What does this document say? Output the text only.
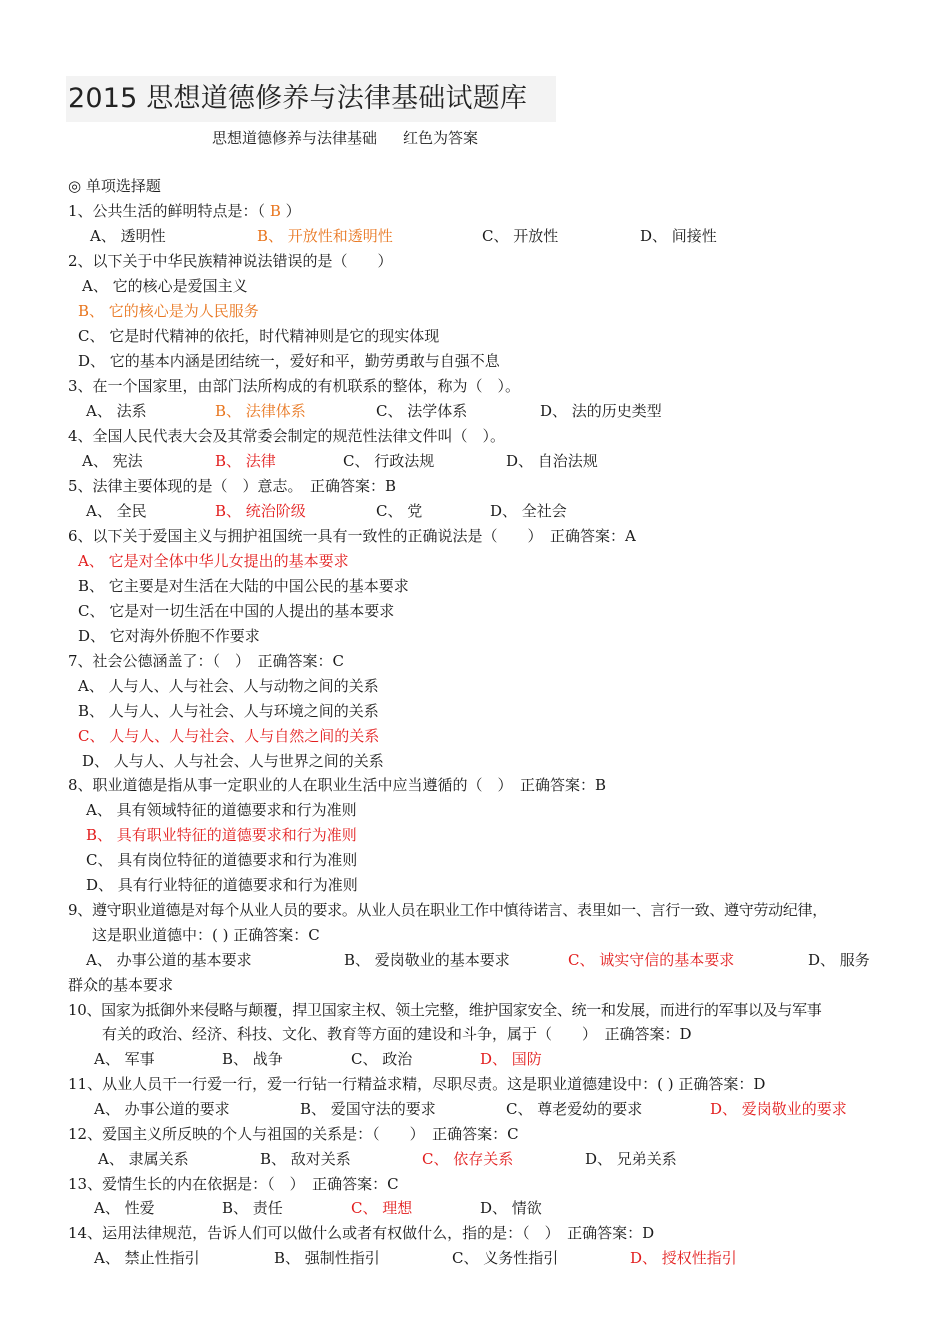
2015 思想道德修养与法律基础试题库
思想道德修养与法律基础 红色为答案
◎ 单项选择题
1、公共生活的鲜明特点是：（ B ）
A、 透明性	B、 开放性和透明性	C、 开放性	D、 间接性
2、以下关于中华民族精神说法错误的是（　　）
A、 它的核心是爱国主义
B、 它的核心是为人民服务
C、 它是时代精神的依托，时代精神则是它的现实体现
D、 它的基本内涵是团结统一，爱好和平，勤劳勇敢与自强不息
3、在一个国家里，由部门法所构成的有机联系的整体，称为（　）。
A、 法系	B、 法律体系	C、 法学体系	D、 法的历史类型
4、全国人民代表大会及其常委会制定的规范性法律文件叫（　）。
A、 宪法	B、 法律	C、 行政法规	D、 自治法规
5、法律主要体现的是（　）意志。　正确答案：B
A、 全民	B、 统治阶级	C、 党	D、 全社会
6、以下关于爱国主义与拥护祖国统一具有一致性的正确说法是（　　）　正确答案：A
A、 它是对全体中华儿女提出的基本要求
B、 它主要是对生活在大陆的中国公民的基本要求
C、 它是对一切生活在中国的人提出的基本要求
D、 它对海外侨胞不作要求
7、社会公德涵盖了：（　）　正确答案：C
A、 人与人、人与社会、人与动物之间的关系
B、 人与人、人与社会、人与环境之间的关系
C、 人与人、人与社会、人与自然之间的关系
D、 人与人、人与社会、人与世界之间的关系
8、职业道德是指从事一定职业的人在职业生活中应当遵循的（　）　正确答案：B
A、 具有领域特征的道德要求和行为准则
B、 具有职业特征的道德要求和行为准则
C、 具有岗位特征的道德要求和行为准则
D、 具有行业特征的道德要求和行为准则
9、遵守职业道德是对每个从业人员的要求。从业人员在职业工作中慎待诺言、表里如一、言行一致、遵守劳动纪律，
这是职业道德中：( ) 正确答案：C
A、 办事公道的基本要求	B、 爱岗敬业的基本要求	C、 诚实守信的基本要求	D、 服务
群众的基本要求
10、国家为抵御外来侵略与颠覆，捍卫国家主权、领土完整，维护国家安全、统一和发展，而进行的军事以及与军事
有关的政治、经济、科技、文化、教育等方面的建设和斗争，属于（　　）　正确答案：D
A、 军事	B、 战争	C、 政治	D、 国防
11、从业人员干一行爱一行，爱一行钻一行精益求精，尽职尽责。这是职业道德建设中：( ) 正确答案：D
A、 办事公道的要求	B、 爱国守法的要求	C、 尊老爱幼的要求	D、 爱岗敬业的要求
12、爱国主义所反映的个人与祖国的关系是：（　　）　正确答案：C
A、 隶属关系	B、 敌对关系	C、 依存关系	D、 兄弟关系
13、爱情生长的内在依据是：（　）　正确答案：C
A、 性爱	B、 责任	C、 理想	D、 情欲
14、运用法律规范，告诉人们可以做什么或者有权做什么，指的是：（　）　正确答案：D
A、 禁止性指引	B、 强制性指引	C、 义务性指引	D、 授权性指引
